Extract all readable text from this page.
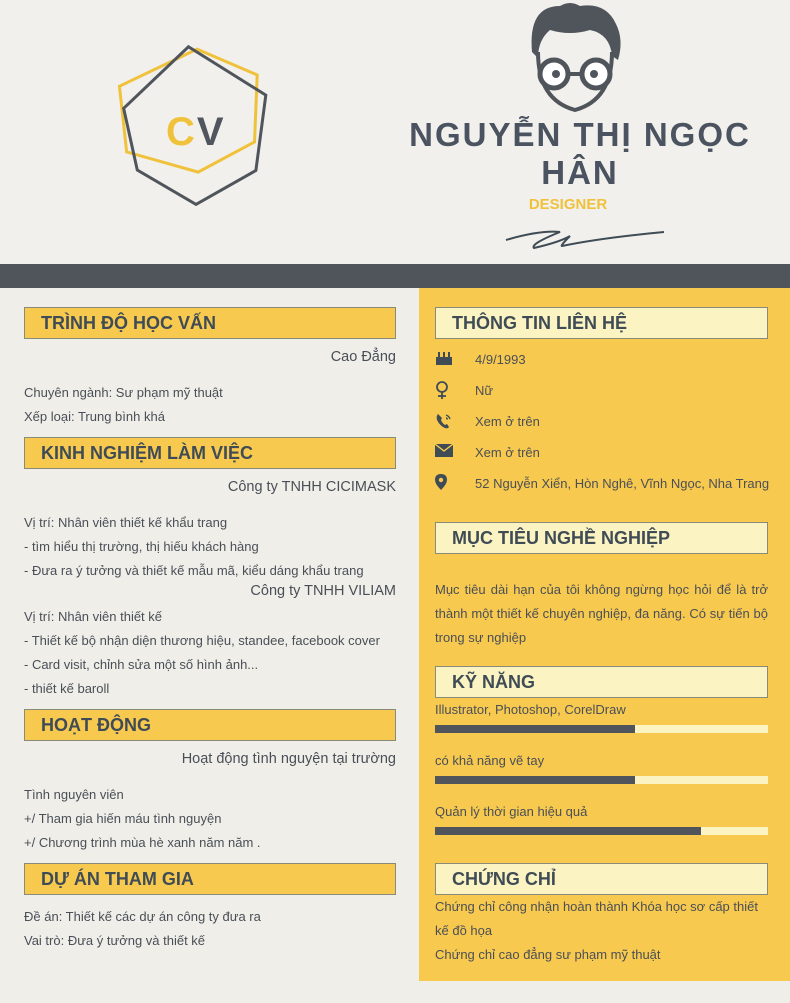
CV	NGUYỄN THỊ NGỌC
HÂN
DESIGNER
TRÌNH ĐỘ HỌC VẤN
Cao Đẳng
Chuyên ngành: Sư phạm mỹ thuật
Xếp loại: Trung bình khá
KINH NGHIỆM LÀM VIỆC
Công ty TNHH CICIMASK
Vị trí: Nhân viên thiết kế khẩu trang
- tìm hiểu thị trường, thị hiếu khách hàng
- Đưa ra ý tưởng và thiết kế mẫu mã, kiểu dáng khẩu trang
Công ty TNHH VILIAM
Vị trí: Nhân viên thiết kế
- Thiết kế bộ nhận diện thương hiệu, standee, facebook cover
- Card visit, chỉnh sửa một số hình ảnh...
- thiết kế baroll
HOẠT ĐỘNG
Hoạt động tình nguyện tại trường
Tình nguyên viên
+/ Tham gia hiến máu tình nguyện
+/ Chương trình mùa hè xanh năm năm .
DỰ ÁN THAM GIA
Đề án: Thiết kế các dự án công ty đưa ra
Vai trò: Đưa ý tưởng và thiết kế
THÔNG TIN LIÊN HỆ
4/9/1993
Nữ
Xem ở trên
Xem ở trên
52 Nguyễn Xiển, Hòn Nghê, Vĩnh Ngọc, Nha Trang
MỤC TIÊU NGHỀ NGHIỆP
Mục tiêu dài hạn của tôi không ngừng học hỏi để là trở thành một thiết kế chuyên nghiệp, đa năng. Có sự tiến bộ trong sự nghiệp
KỸ NĂNG
Illustrator, Photoshop, CorelDraw
có khả năng vẽ tay
Quản lý thời gian hiệu quả
CHỨNG CHỈ
Chứng chỉ công nhận hoàn thành Khóa học sơ cấp thiết kế đồ họa
Chứng chỉ cao đẳng sư phạm mỹ thuật
